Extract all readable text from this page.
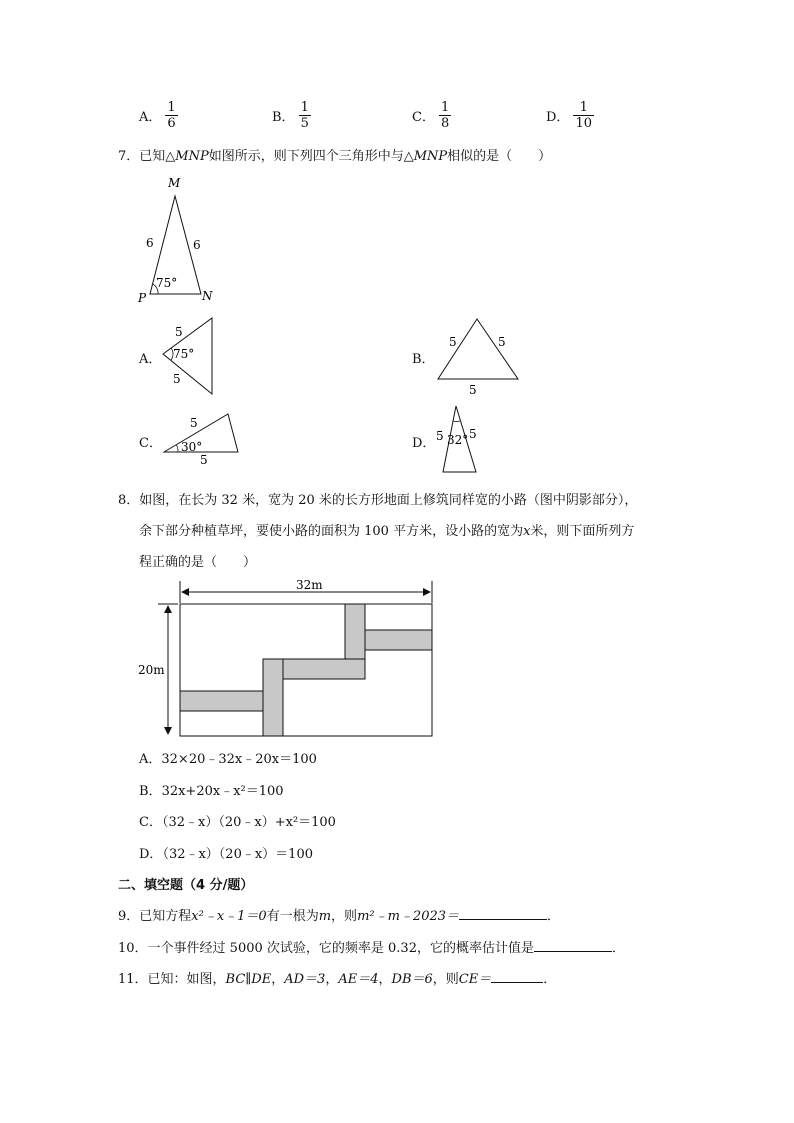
A． $\frac{1}{6}$	B． $\frac{1}{5}$	C． $\frac{1}{8}$	D． $\frac{1}{10}$
7．已知△MNP如图所示，则下列四个三角形中与△MNP相似的是（　　）
M
P	N
6	6
75°
A．
5
5
75°	B．
5	5
5
C．
5
5
30°	D． 5 5
32°
8．如图，在长为 32 米，宽为 20 米的长方形地面上修筑同样宽的小路（图中阴影部分），
余下部分种植草坪，要使小路的面积为 100 平方米，设小路的宽为x米，则下面所列方
程正确的是（　　）
32m
20m
A．32×20﹣32x﹣20x＝100
B．32x+20x﹣x²＝100
C．（32﹣x）（20﹣x）+x²＝100
D．（32﹣x）（20﹣x）＝100
二、填空题（4 分/题）
9．已知方程x²﹣x﹣1＝0有一根为m，则m²﹣m﹣2023＝	．
10．一个事件经过 5000 次试验，它的频率是 0.32，它的概率估计值是	．
11．已知：如图，BC∥DE，AD＝3，AE＝4，DB＝6，则CE＝	．
